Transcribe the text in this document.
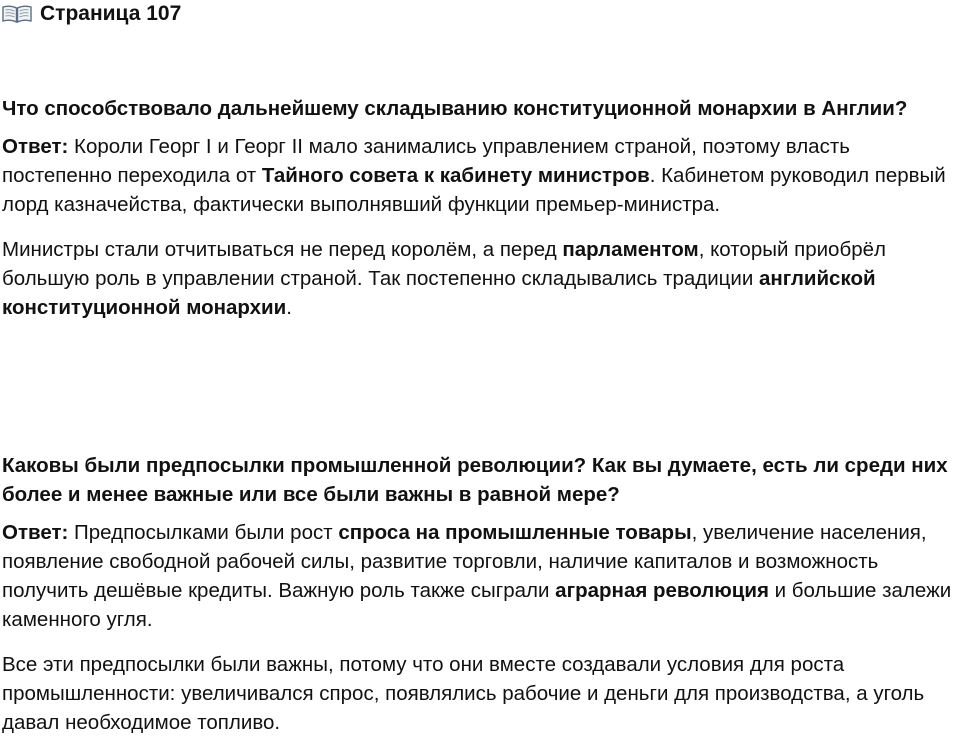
Страница 107

Что способствовало дальнейшему складыванию конституционной монархии в Англии?

Ответ: Короли Георг I и Георг II мало занимались управлением страной, поэтому власть постепенно переходила от Тайного совета к кабинету министров. Кабинетом руководил первый лорд казначейства, фактически выполнявший функции премьер-министра.

Министры стали отчитываться не перед королём, а перед парламентом, который приобрёл большую роль в управлении страной. Так постепенно складывались традиции английской конституционной монархии.

Каковы были предпосылки промышленной революции? Как вы думаете, есть ли среди них более и менее важные или все были важны в равной мере?

Ответ: Предпосылками были рост спроса на промышленные товары, увеличение населения, появление свободной рабочей силы, развитие торговли, наличие капиталов и возможность получить дешёвые кредиты. Важную роль также сыграли аграрная революция и большие залежи каменного угля.

Все эти предпосылки были важны, потому что они вместе создавали условия для роста промышленности: увеличивался спрос, появлялись рабочие и деньги для производства, а уголь давал необходимое топливо.
